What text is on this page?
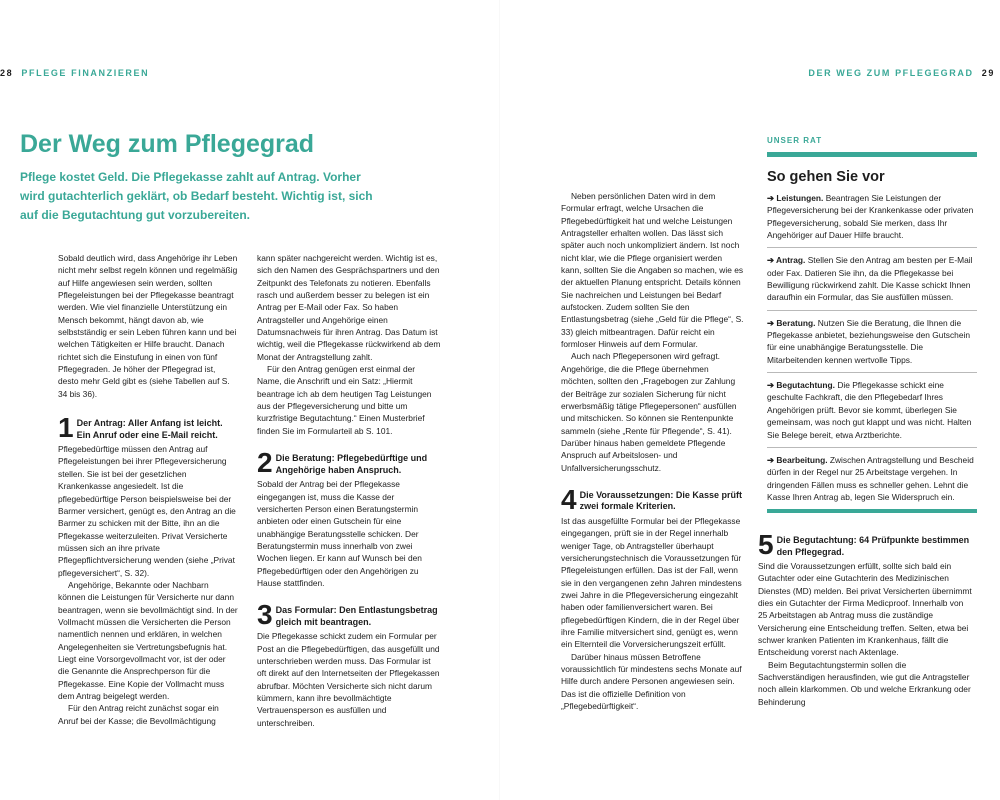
28 PFLEGE FINANZIEREN	DER WEG ZUM PFLEGEGRAD 29
Der Weg zum Pflegegrad

Pflege kostet Geld. Die Pflegekasse zahlt auf Antrag. Vorher wird gutachterlich geklärt, ob Bedarf besteht. Wichtig ist, sich auf die Begutachtung gut vorzubereiten.

Sobald deutlich wird, dass Angehörige ihr Leben nicht mehr selbst regeln können und regelmäßig auf Hilfe angewiesen sein werden, sollten Pflegeleistungen bei der Pflegekasse beantragt werden. Wie viel finanzielle Unterstützung ein Mensch bekommt, hängt davon ab, wie selbstständig er sein Leben führen kann und bei welchen Tätigkeiten er Hilfe braucht. Danach richtet sich die Einstufung in einen von fünf Pflegegraden. Je höher der Pflegegrad ist, desto mehr Geld gibt es (siehe Tabellen auf S. 34 bis 36).

1 Der Antrag: Aller Anfang ist leicht. Ein Anruf oder eine E-Mail reicht.

Pflegebedürftige müssen den Antrag auf Pflegeleistungen bei ihrer Pflegeversicherung stellen. Sie ist bei der gesetzlichen Krankenkasse angesiedelt. Ist die pflegebedürftige Person beispielsweise bei der Barmer versichert, genügt es, den Antrag an die Barmer zu schicken mit der Bitte, ihn an die Pflegekasse weiterzuleiten. Privat Versicherte müssen sich an ihre private Pflegepflichtversicherung wenden (siehe „Privat pflegeversichert“, S. 32).

Angehörige, Bekannte oder Nachbarn können die Leistungen für Versicherte nur dann beantragen, wenn sie bevollmächtigt sind. In der Vollmacht müssen die Versicherten die Person namentlich nennen und erklären, in welchen Angelegenheiten sie Vertretungsbefugnis hat. Liegt eine Vorsorgevollmacht vor, ist der oder die Genannte die Ansprechperson für die Pflegekasse. Eine Kopie der Vollmacht muss dem Antrag beigelegt werden.

Für den Antrag reicht zunächst sogar ein Anruf bei der Kasse; die Bevollmächtigung

kann später nachgereicht werden. Wichtig ist es, sich den Namen des Gesprächspartners und den Zeitpunkt des Telefonats zu notieren. Ebenfalls rasch und außerdem besser zu belegen ist ein Antrag per E-Mail oder Fax. So haben Antragsteller und Angehörige einen Datumsnachweis für ihren Antrag. Das Datum ist wichtig, weil die Pflegekasse rückwirkend ab dem Monat der Antragstellung zahlt.

Für den Antrag genügen erst einmal der Name, die Anschrift und ein Satz: „Hiermit beantrage ich ab dem heutigen Tag Leistungen aus der Pflegeversicherung und bitte um kurzfristige Begutachtung.“ Einen Musterbrief finden Sie im Formularteil ab S. 101.

2 Die Beratung: Pflegebedürftige und Angehörige haben Anspruch.

Sobald der Antrag bei der Pflegekasse eingegangen ist, muss die Kasse der versicherten Person einen Beratungstermin anbieten oder einen Gutschein für eine unabhängige Beratungsstelle schicken. Der Beratungstermin muss innerhalb von zwei Wochen liegen. Er kann auf Wunsch bei den Pflegebedürftigen oder den Angehörigen zu Hause stattfinden.

3 Das Formular: Den Entlastungsbetrag gleich mit beantragen.

Die Pflegekasse schickt zudem ein Formular per Post an die Pflegebedürftigen, das ausgefüllt und unterschrieben werden muss. Das Formular ist oft direkt auf den Internetseiten der Pflegekassen abrufbar. Möchten Versicherte sich nicht darum kümmern, kann ihre bevollmächtigte Vertrauensperson es ausfüllen und unterschreiben.

Neben persönlichen Daten wird in dem Formular erfragt, welche Ursachen die Pflegebedürftigkeit hat und welche Leistungen Antragsteller erhalten wollen. Das lässt sich später auch noch unkompliziert ändern. Ist noch nicht klar, wie die Pflege organisiert werden kann, sollten Sie die Angaben so machen, wie es der aktuellen Planung entspricht. Details können Sie nachreichen und Leistungen bei Bedarf aufstocken. Zudem sollten Sie den Entlastungsbetrag (siehe „Geld für die Pflege“, S. 33) gleich mitbeantragen. Dafür reicht ein formloser Hinweis auf dem Formular.

Auch nach Pflegepersonen wird gefragt. Angehörige, die die Pflege übernehmen möchten, sollten den „Fragebogen zur Zahlung der Beiträge zur sozialen Sicherung für nicht erwerbsmäßig tätige Pflegepersonen“ ausfüllen und mitschicken. So können sie Rentenpunkte sammeln (siehe „Rente für Pflegende“, S. 41). Darüber hinaus haben gemeldete Pflegende Anspruch auf Arbeitslosen- und Unfallversicherungsschutz.

4 Die Voraussetzungen: Die Kasse prüft zwei formale Kriterien.

Ist das ausgefüllte Formular bei der Pflegekasse eingegangen, prüft sie in der Regel innerhalb weniger Tage, ob Antragsteller überhaupt versicherungstechnisch die Voraussetzungen für Pflegeleistungen erfüllen. Das ist der Fall, wenn sie in den vergangenen zehn Jahren mindestens zwei Jahre in die Pflegeversicherung eingezahlt haben oder familienversichert waren. Bei pflegebedürftigen Kindern, die in der Regel über ihre Familie mitversichert sind, genügt es, wenn ein Elternteil die Vorversicherungszeit erfüllt.

Darüber hinaus müssen Betroffene voraussichtlich für mindestens sechs Monate auf Hilfe durch andere Personen angewiesen sein. Das ist die offizielle Definition von „Pflegebedürftigkeit“.

UNSER RAT
So gehen Sie vor

➔ Leistungen. Beantragen Sie Leistungen der Pflegeversicherung bei der Krankenkasse oder privaten Pflegeversicherung, sobald Sie merken, dass Ihr Angehöriger auf Dauer Hilfe braucht.

➔ Antrag. Stellen Sie den Antrag am besten per E-Mail oder Fax. Datieren Sie ihn, da die Pflegekasse bei Bewilligung rückwirkend zahlt. Die Kasse schickt Ihnen daraufhin ein Formular, das Sie ausfüllen müssen.

➔ Beratung. Nutzen Sie die Beratung, die Ihnen die Pflegekasse anbietet, beziehungsweise den Gutschein für eine unabhängige Beratungsstelle. Die Mitarbeitenden kennen wertvolle Tipps.

➔ Begutachtung. Die Pflegekasse schickt eine geschulte Fachkraft, die den Pflegebedarf Ihres Angehörigen prüft. Bevor sie kommt, überlegen Sie gemeinsam, was noch gut klappt und was nicht. Halten Sie Belege bereit, etwa Arztberichte.

➔ Bearbeitung. Zwischen Antragstellung und Bescheid dürfen in der Regel nur 25 Arbeitstage vergehen. In dringenden Fällen muss es schneller gehen. Lehnt die Kasse Ihren Antrag ab, legen Sie Widerspruch ein.

5 Die Begutachtung: 64 Prüfpunkte bestimmen den Pflegegrad.

Sind die Voraussetzungen erfüllt, sollte sich bald ein Gutachter oder eine Gutachterin des Medizinischen Dienstes (MD) melden. Bei privat Versicherten übernimmt dies ein Gutachter der Firma Medicproof. Innerhalb von 25 Arbeitstagen ab Antrag muss die zuständige Versicherung eine Entscheidung treffen. Selten, etwa bei schwer kranken Patienten im Krankenhaus, fällt die Entscheidung vorerst nach Aktenlage.

Beim Begutachtungstermin sollen die Sachverständigen herausfinden, wie gut die Antragsteller noch allein klarkommen. Ob und welche Erkrankung oder Behinderung
